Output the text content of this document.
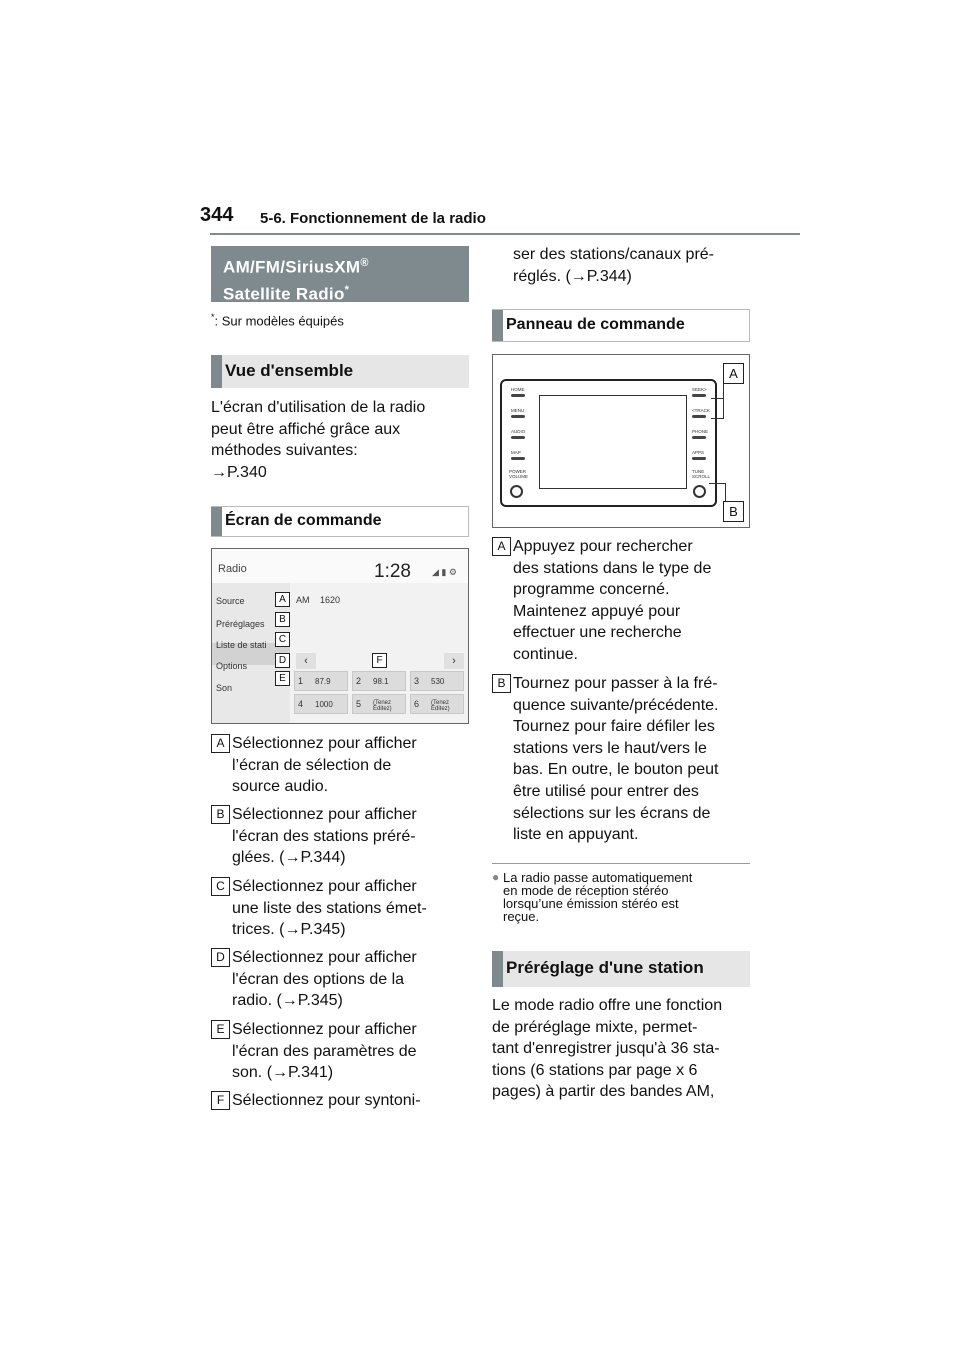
344 5-6. Fonctionnement de la radio
AM/FM/SiriusXM®
Satellite Radio*
*: Sur modèles équipés
Vue d'ensemble
L'écran d'utilisation de la radio
peut être affiché grâce aux
méthodes suivantes:
→P.340
Écran de commande
Radio	1:28 ◢ ▮ ⚙
Source
Préréglages
Liste de stati
Options
Son
AM 1620
‹	›
1 87.9	2 98.1	3 530
4 1000	5 (Tenez Éditez)	6 (Tenez Éditez)
A
B
C
D
E
F
A Sélectionnez pour afficher
l’écran de sélection de
source audio.
B Sélectionnez pour afficher
l'écran des stations préré-
glées. (→P.344)
C Sélectionnez pour afficher
une liste des stations émet-
trices. (→P.345)
D Sélectionnez pour afficher
l'écran des options de la
radio. (→P.345)
E Sélectionnez pour afficher
l'écran des paramètres de
son. (→P.341)
F Sélectionnez pour syntoni-
ser des stations/canaux pré-
réglés. (→P.344)
Panneau de commande
HOME
MENU
AUDIO
MAP
POWER VOLUME
SEEK>
<TRACK
PHONE
APPS
TUNE SCROLL
A
B
A Appuyez pour rechercher
des stations dans le type de
programme concerné.
Maintenez appuyé pour
effectuer une recherche
continue.
B Tournez pour passer à la fré-
quence suivante/précédente.
Tournez pour faire défiler les
stations vers le haut/vers le
bas. En outre, le bouton peut
être utilisé pour entrer des
sélections sur les écrans de
liste en appuyant.
● La radio passe automatiquement
en mode de réception stéréo
lorsqu’une émission stéréo est
reçue.
Préréglage d'une station
Le mode radio offre une fonction
de préréglage mixte, permet-
tant d'enregistrer jusqu'à 36 sta-
tions (6 stations par page x 6
pages) à partir des bandes AM,
